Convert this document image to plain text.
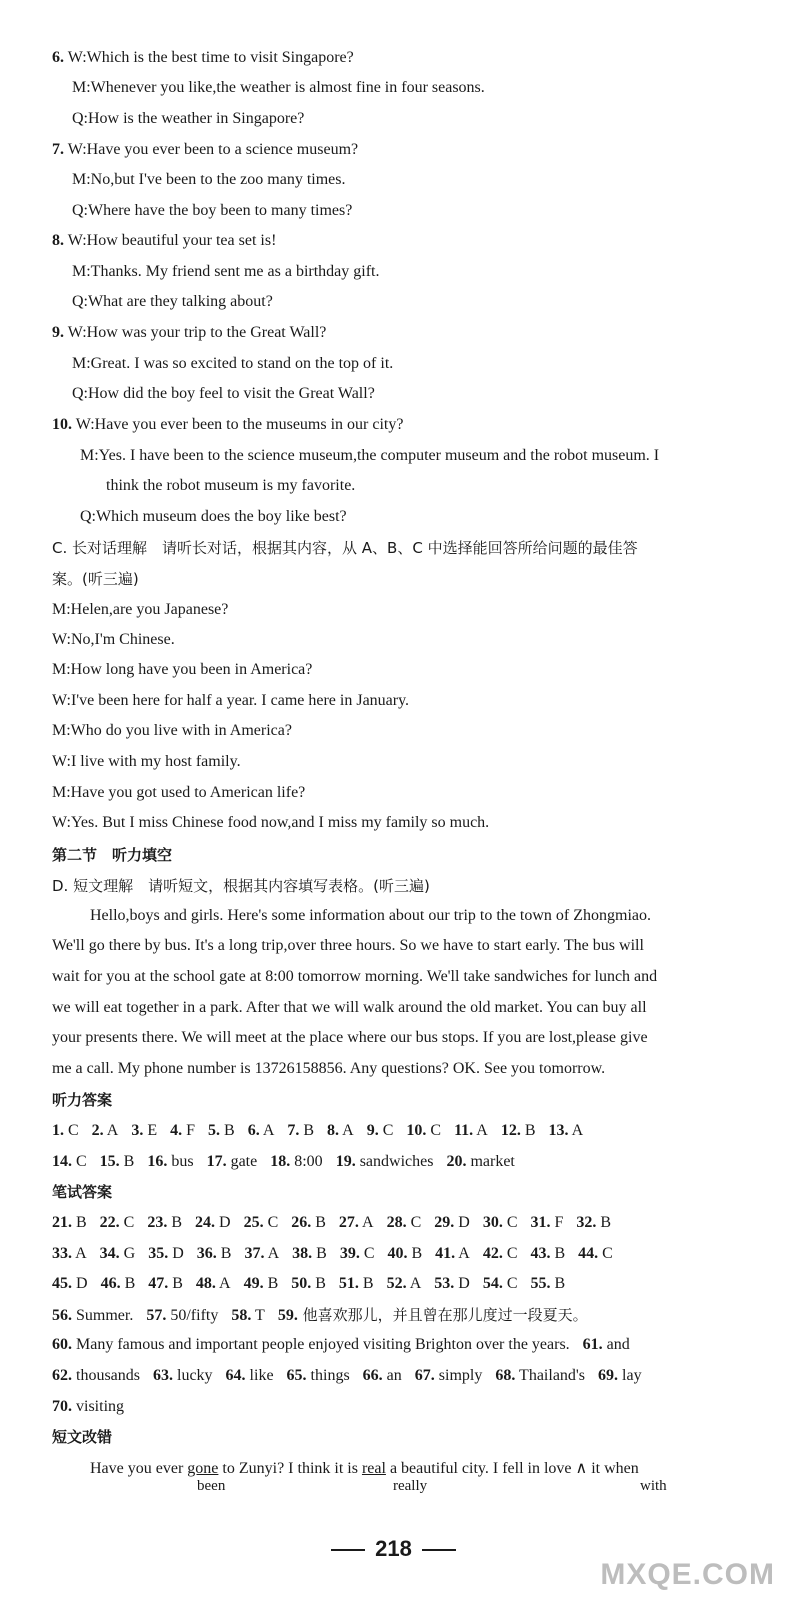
6. W:Which is the best time to visit Singapore?
M:Whenever you like,the weather is almost fine in four seasons.
Q:How is the weather in Singapore?
7. W:Have you ever been to a science museum?
M:No,but I've been to the zoo many times.
Q:Where have the boy been to many times?
8. W:How beautiful your tea set is!
M:Thanks. My friend sent me as a birthday gift.
Q:What are they talking about?
9. W:How was your trip to the Great Wall?
M:Great. I was so excited to stand on the top of it.
Q:How did the boy feel to visit the Great Wall?
10. W:Have you ever been to the museums in our city?
M:Yes. I have been to the science museum,the computer museum and the robot museum. I
think the robot museum is my favorite.
Q:Which museum does the boy like best?
C. 长对话理解　请听长对话，根据其内容，从 A、B、C 中选择能回答所给问题的最佳答
案。(听三遍)
M:Helen,are you Japanese?
W:No,I'm Chinese.
M:How long have you been in America?
W:I've been here for half a year. I came here in January.
M:Who do you live with in America?
W:I live with my host family.
M:Have you got used to American life?
W:Yes. But I miss Chinese food now,and I miss my family so much.
第二节　听力填空
D. 短文理解　请听短文，根据其内容填写表格。(听三遍)
Hello,boys and girls. Here's some information about our trip to the town of Zhongmiao.
We'll go there by bus. It's a long trip,over three hours. So we have to start early. The bus will
wait for you at the school gate at 8:00 tomorrow morning. We'll take sandwiches for lunch and
we will eat together in a park. After that we will walk around the old market. You can buy all
your presents there. We will meet at the place where our bus stops. If you are lost,please give
me a call. My phone number is 13726158856. Any questions? OK. See you tomorrow.
听力答案
1. C 2. A 3. E 4. F 5. B 6. A 7. B 8. A 9. C 10. C 11. A 12. B 13. A
14. C 15. B 16. bus 17. gate 18. 8:00 19. sandwiches 20. market
笔试答案
21. B 22. C 23. B 24. D 25. C 26. B 27. A 28. C 29. D 30. C 31. F 32. B
33. A 34. G 35. D 36. B 37. A 38. B 39. C 40. B 41. A 42. C 43. B 44. C
45. D 46. B 47. B 48. A 49. B 50. B 51. B 52. A 53. D 54. C 55. B
56. Summer. 57. 50/fifty 58. T 59. 他喜欢那儿，并且曾在那儿度过一段夏天。
60. Many famous and important people enjoyed visiting Brighton over the years. 61. and
62. thousands 63. lucky 64. like 65. things 66. an 67. simply 68. Thailand's 69. lay
70. visiting
短文改错
Have you ever gone to Zunyi? I think it is real a beautiful city. I fell in love ∧ it when
been	really	with
218
MXQE.COM
